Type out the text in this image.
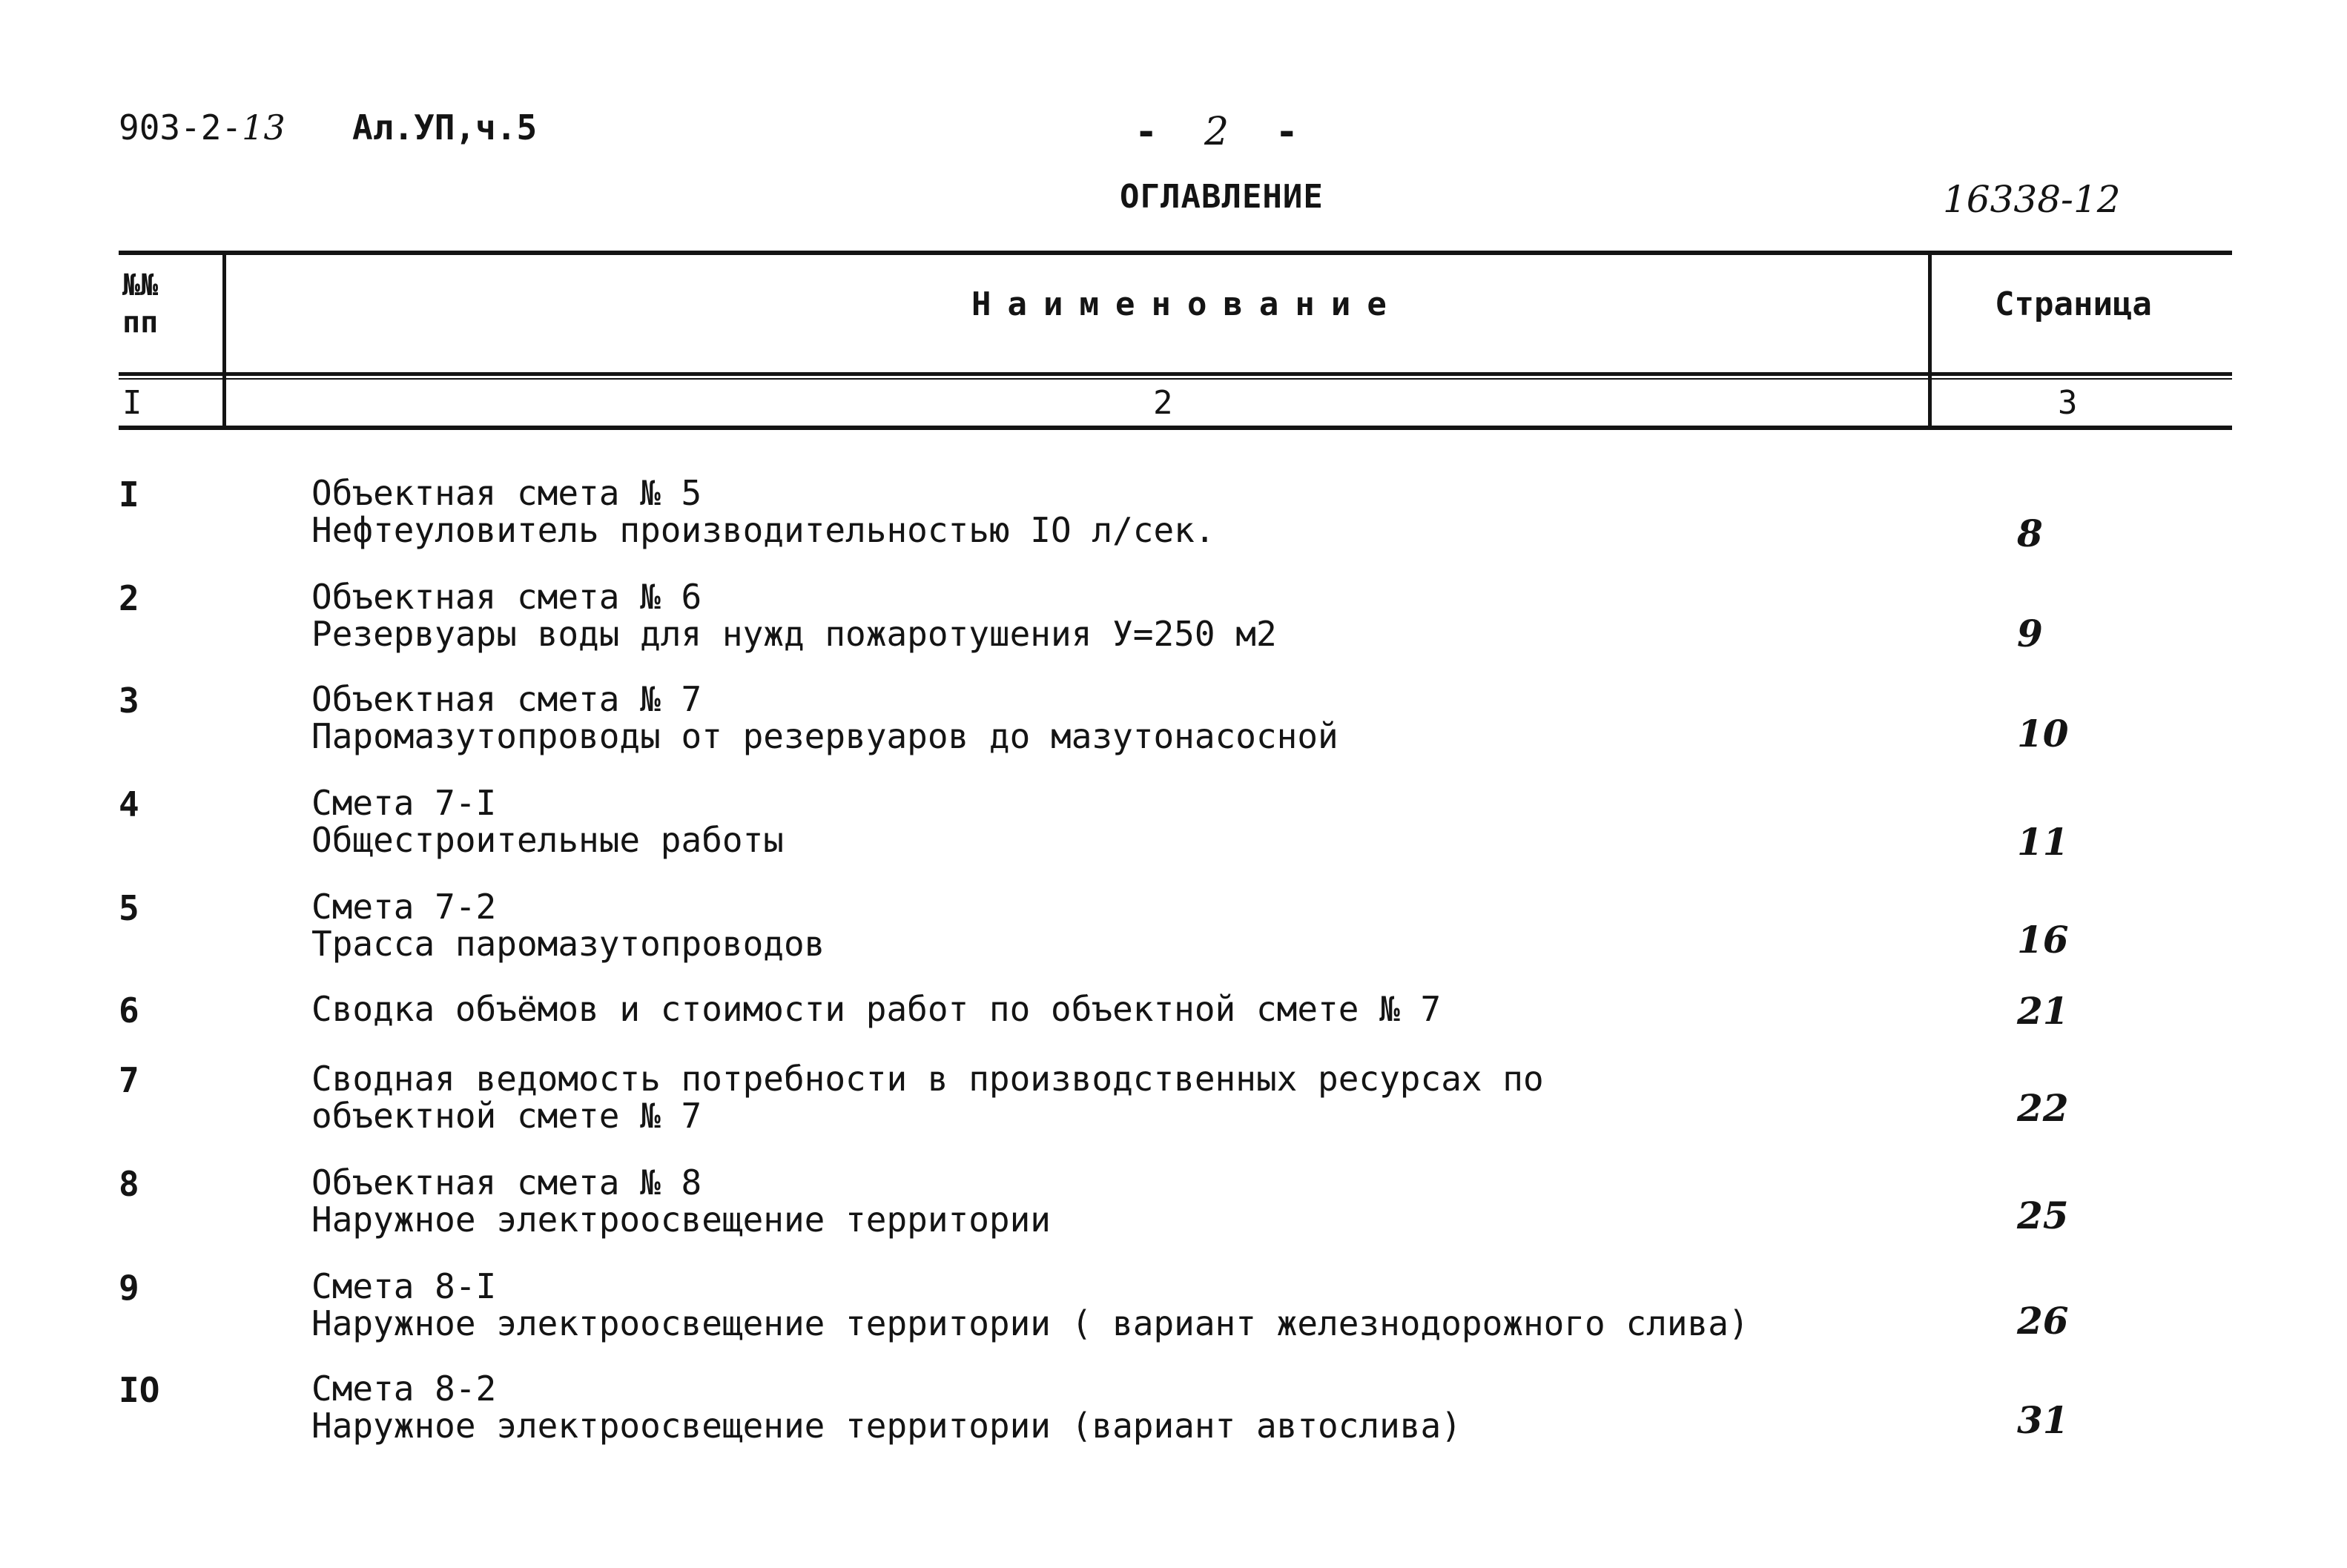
903-2-13 Ал.УП,ч.5	- 2 -
ОГЛАВЛЕНИЕ	16338-12
№№
пп	Наименование	Страница
I	2	3
I	Объектная смета № 5
Нефтеуловитель производительностью IO л/сек.	8
2	Объектная смета № 6
Резервуары воды для нужд пожаротушения У=250 м2	9
3	Объектная смета № 7
Паромазутопроводы от резервуаров до мазутонасосной	10
4	Смета 7-I
Общестроительные работы	11
5	Смета 7-2
Трасса паромазутопроводов	16
6	Сводка объёмов и стоимости работ по объектной смете № 7	21
7	Сводная ведомость потребности в производственных ресурсах по
объектной смете № 7	22
8	Объектная смета № 8
Наружное электроосвещение территории	25
9	Смета 8-I
Наружное электроосвещение территории ( вариант железнодорожного слива)	26
IO	Смета 8-2
Наружное электроосвещение территории (вариант автослива)	31
